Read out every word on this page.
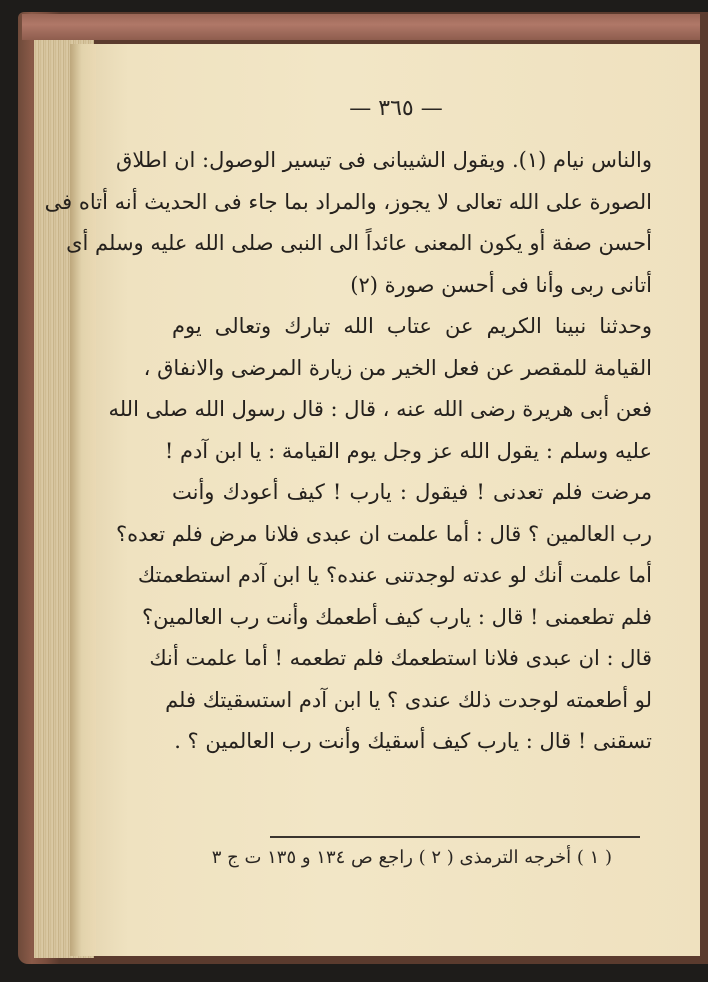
— ٣٦٥ —
والناس نيام (١). ويقول الشيبانى فى تيسير الوصول: ان اطلاق
الصورة على الله تعالى لا يجوز، والمراد بما جاء فى الحديث أنه أتاه فى
أحسن صفة أو يكون المعنى عائداً الى النبى صلى الله عليه وسلم أى
أتانى ربى وأنا فى أحسن صورة (٢)
وحدثنا نبينا الكريم عن عتاب الله تبارك وتعالى يوم
القيامة للمقصر عن فعل الخير من زيارة المرضى والانفاق ،
فعن أبى هريرة رضى الله عنه ، قال : قال رسول الله صلى الله
عليه وسلم : يقول الله عز وجل يوم القيامة : يا ابن آدم !
مرضت فلم تعدنى ! فيقول : يارب ! كيف أعودك وأنت
رب العالمين ؟ قال : أما علمت ان عبدى فلانا مرض فلم تعده؟
أما علمت أنك لو عدته لوجدتنى عنده؟ يا ابن آدم استطعمتك
فلم تطعمنى ! قال : يارب كيف أطعمك وأنت رب العالمين؟
قال : ان عبدى فلانا استطعمك فلم تطعمه ! أما علمت أنك
لو أطعمته لوجدت ذلك عندى ؟ يا ابن آدم استسقيتك فلم
تسقنى ! قال : يارب كيف أسقيك وأنت رب العالمين ؟ .
( ١ ) أخرجه الترمذى ( ٢ ) راجع ص ١٣٤ و ١٣٥ ت ج ٣
